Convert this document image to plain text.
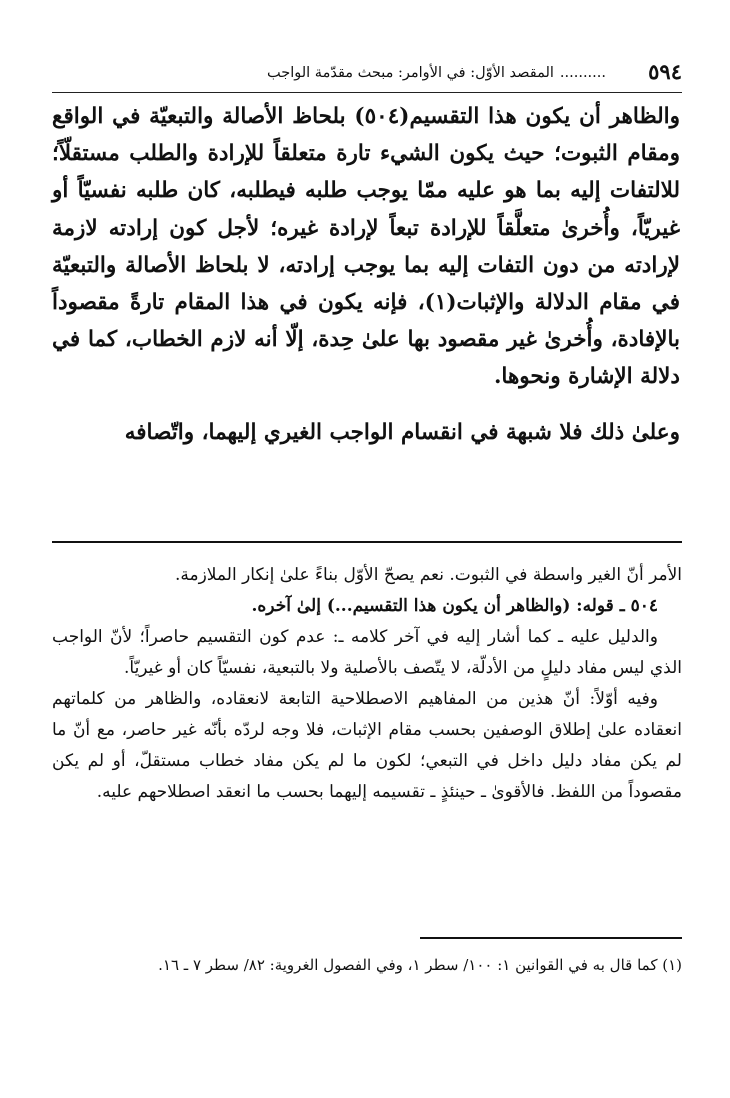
٥٩٤
..........المقصد الأوّل: في الأوامر: مبحث مقدّمة الواجب

والظاهر أن يكون هذا التقسيم(٥٠٤) بلحاظ الأصالة والتبعيّة في الواقع ومقام الثبوت؛ حيث يكون الشيء تارة متعلقاً للإرادة والطلب مستقلّاً؛ للالتفات إليه بما هو عليه ممّا يوجب طلبه فيطلبه، كان طلبه نفسيّاً أو غيريّاً، وأُخرىٰ متعلَّقاً للإرادة تبعاً لإرادة غيره؛ لأجل كون إرادته لازمة لإرادته من دون التفات إليه بما يوجب إرادته، لا بلحاظ الأصالة والتبعيّة في مقام الدلالة والإثبات(١)، فإنه يكون في هذا المقام تارةً مقصوداً بالإفادة، وأُخرىٰ غير مقصود بها علىٰ حِدة، إلّا أنه لازم الخطاب، كما في دلالة الإشارة ونحوها.

وعلىٰ ذلك فلا شبهة في انقسام الواجب الغيري إليهما، واتّصافه

الأمر أنّ الغير واسطة في الثبوت. نعم يصحّ الأوّل بناءً علىٰ إنكار الملازمة.

٥٠٤ ـ قوله: (والظاهر أن يكون هذا التقسيم...) إلىٰ آخره.

والدليل عليه ـ كما أشار إليه في آخر كلامه ـ: عدم كون التقسيم حاصراً؛ لأنّ الواجب الذي ليس مفاد دليلٍ من الأدلّة، لا يتّصف بالأصلية ولا بالتبعية، نفسيّاً كان أو غيريّاً.

وفيه أوّلاً: أنّ هذين من المفاهيم الاصطلاحية التابعة لانعقاده، والظاهر من كلماتهم انعقاده علىٰ إطلاق الوصفين بحسب مقام الإثبات، فلا وجه لردّه بأنّه غير حاصر، مع أنّ ما لم يكن مفاد دليل داخل في التبعي؛ لكون ما لم يكن مفاد خطاب مستقلّ، أو لم يكن مقصوداً من اللفظ. فالأقوىٰ ـ حينئذٍ ـ تقسيمه إليهما بحسب ما انعقد اصطلاحهم عليه.

(١) كما قال به في القوانين ١: ١٠٠/ سطر ١، وفي الفصول الغروية: ٨٢/ سطر ٧ ـ ١٦.
